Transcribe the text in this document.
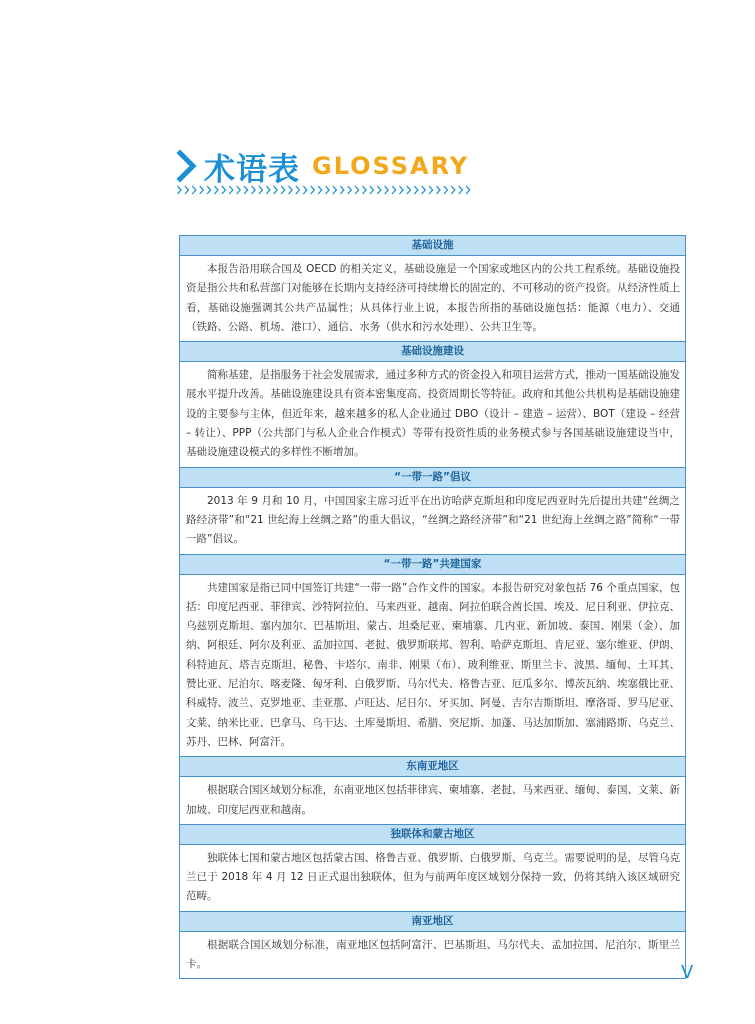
术语表 GLOSSARY
基础设施
本报告沿用联合国及 OECD 的相关定义，基础设施是一个国家或地区内的公共工程系统。基础设施投资是指公共和私营部门对能够在长期内支持经济可持续增长的固定的、不可移动的资产投资。从经济性质上看，基础设施强调其公共产品属性；从具体行业上说，本报告所指的基础设施包括：能源（电力）、交通（铁路、公路、机场、港口）、通信、水务（供水和污水处理）、公共卫生等。
基础设施建设
简称基建，是指服务于社会发展需求，通过多种方式的资金投入和项目运营方式，推动一国基础设施发展水平提升改善。基础设施建设具有资本密集度高、投资周期长等特征。政府和其他公共机构是基础设施建设的主要参与主体，但近年来，越来越多的私人企业通过 DBO（设计 – 建造 – 运营）、BOT（建设 – 经营 – 转让）、PPP（公共部门与私人企业合作模式）等带有投资性质的业务模式参与各国基础设施建设当中，基础设施建设模式的多样性不断增加。
“一带一路”倡议
2013 年 9 月和 10 月，中国国家主席习近平在出访哈萨克斯坦和印度尼西亚时先后提出共建“丝绸之路经济带”和“21 世纪海上丝绸之路”的重大倡议，“丝绸之路经济带”和“21 世纪海上丝绸之路”简称“一带一路”倡议。
“一带一路”共建国家
共建国家是指已同中国签订共建“一带一路”合作文件的国家。本报告研究对象包括 76 个重点国家，包括：印度尼西亚、菲律宾、沙特阿拉伯、马来西亚、越南、阿拉伯联合酋长国、埃及、尼日利亚、伊拉克、乌兹别克斯坦、塞内加尔、巴基斯坦、蒙古、坦桑尼亚、柬埔寨、几内亚、新加坡、泰国、刚果（金）、加纳、阿根廷、阿尔及利亚、孟加拉国、老挝、俄罗斯联邦、智利、哈萨克斯坦、肯尼亚、塞尔维亚、伊朗、科特迪瓦、塔吉克斯坦、秘鲁、卡塔尔、南非、刚果（布）、玻利维亚、斯里兰卡、波黑、缅甸、土耳其、赞比亚、尼泊尔、喀麦隆、匈牙利、白俄罗斯、马尔代夫、格鲁吉亚、厄瓜多尔、博茨瓦纳、埃塞俄比亚、科威特、波兰、克罗地亚、圭亚那、卢旺达、尼日尔、牙买加、阿曼、吉尔吉斯斯坦、摩洛哥、罗马尼亚、文莱、纳米比亚、巴拿马、乌干达、土库曼斯坦、希腊、突尼斯、加蓬、马达加斯加、塞浦路斯、乌克兰、苏丹、巴林、阿富汗。
东南亚地区
根据联合国区域划分标准，东南亚地区包括菲律宾、柬埔寨、老挝、马来西亚、缅甸、泰国、文莱、新加坡、印度尼西亚和越南。
独联体和蒙古地区
独联体七国和蒙古地区包括蒙古国、格鲁吉亚、俄罗斯、白俄罗斯、乌克兰。需要说明的是，尽管乌克兰已于 2018 年 4 月 12 日正式退出独联体，但为与前两年度区域划分保持一致，仍将其纳入该区域研究范畴。
南亚地区
根据联合国区域划分标准，南亚地区包括阿富汗、巴基斯坦、马尔代夫、孟加拉国、尼泊尔、斯里兰卡。	V
